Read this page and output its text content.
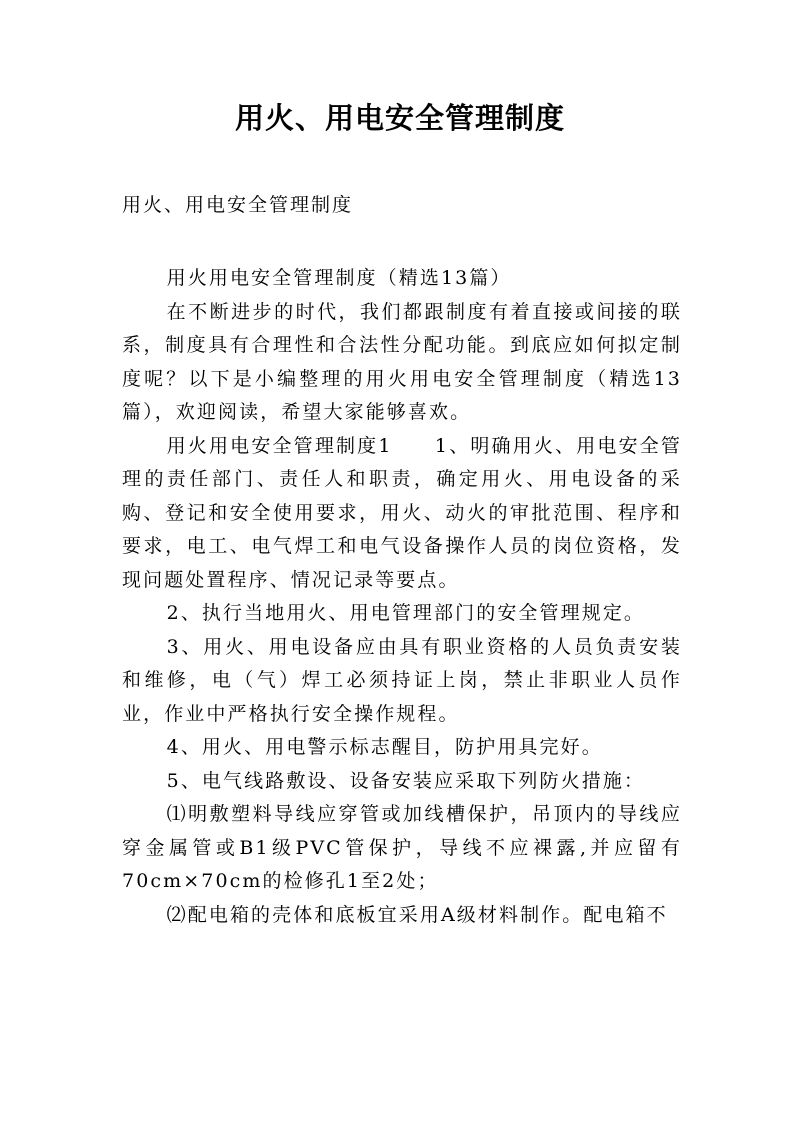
用火、用电安全管理制度
用火、用电安全管理制度

用火用电安全管理制度（精选13篇）

在不断进步的时代，我们都跟制度有着直接或间接的联系，制度具有合理性和合法性分配功能。到底应如何拟定制度呢？以下是小编整理的用火用电安全管理制度（精选13篇），欢迎阅读，希望大家能够喜欢。

用火用电安全管理制度1　　1、明确用火、用电安全管理的责任部门、责任人和职责，确定用火、用电设备的采购、登记和安全使用要求，用火、动火的审批范围、程序和要求，电工、电气焊工和电气设备操作人员的岗位资格，发现问题处置程序、情况记录等要点。

2、执行当地用火、用电管理部门的安全管理规定。

3、用火、用电设备应由具有职业资格的人员负责安装和维修，电（气）焊工必须持证上岗，禁止非职业人员作业，作业中严格执行安全操作规程。

4、用火、用电警示标志醒目，防护用具完好。

5、电气线路敷设、设备安装应采取下列防火措施：

⑴明敷塑料导线应穿管或加线槽保护，吊顶内的导线应穿金属管或B1级PVC管保护，导线不应裸露,并应留有70cm×70cm的检修孔1至2处；

⑵配电箱的壳体和底板宜采用A级材料制作。配电箱不
